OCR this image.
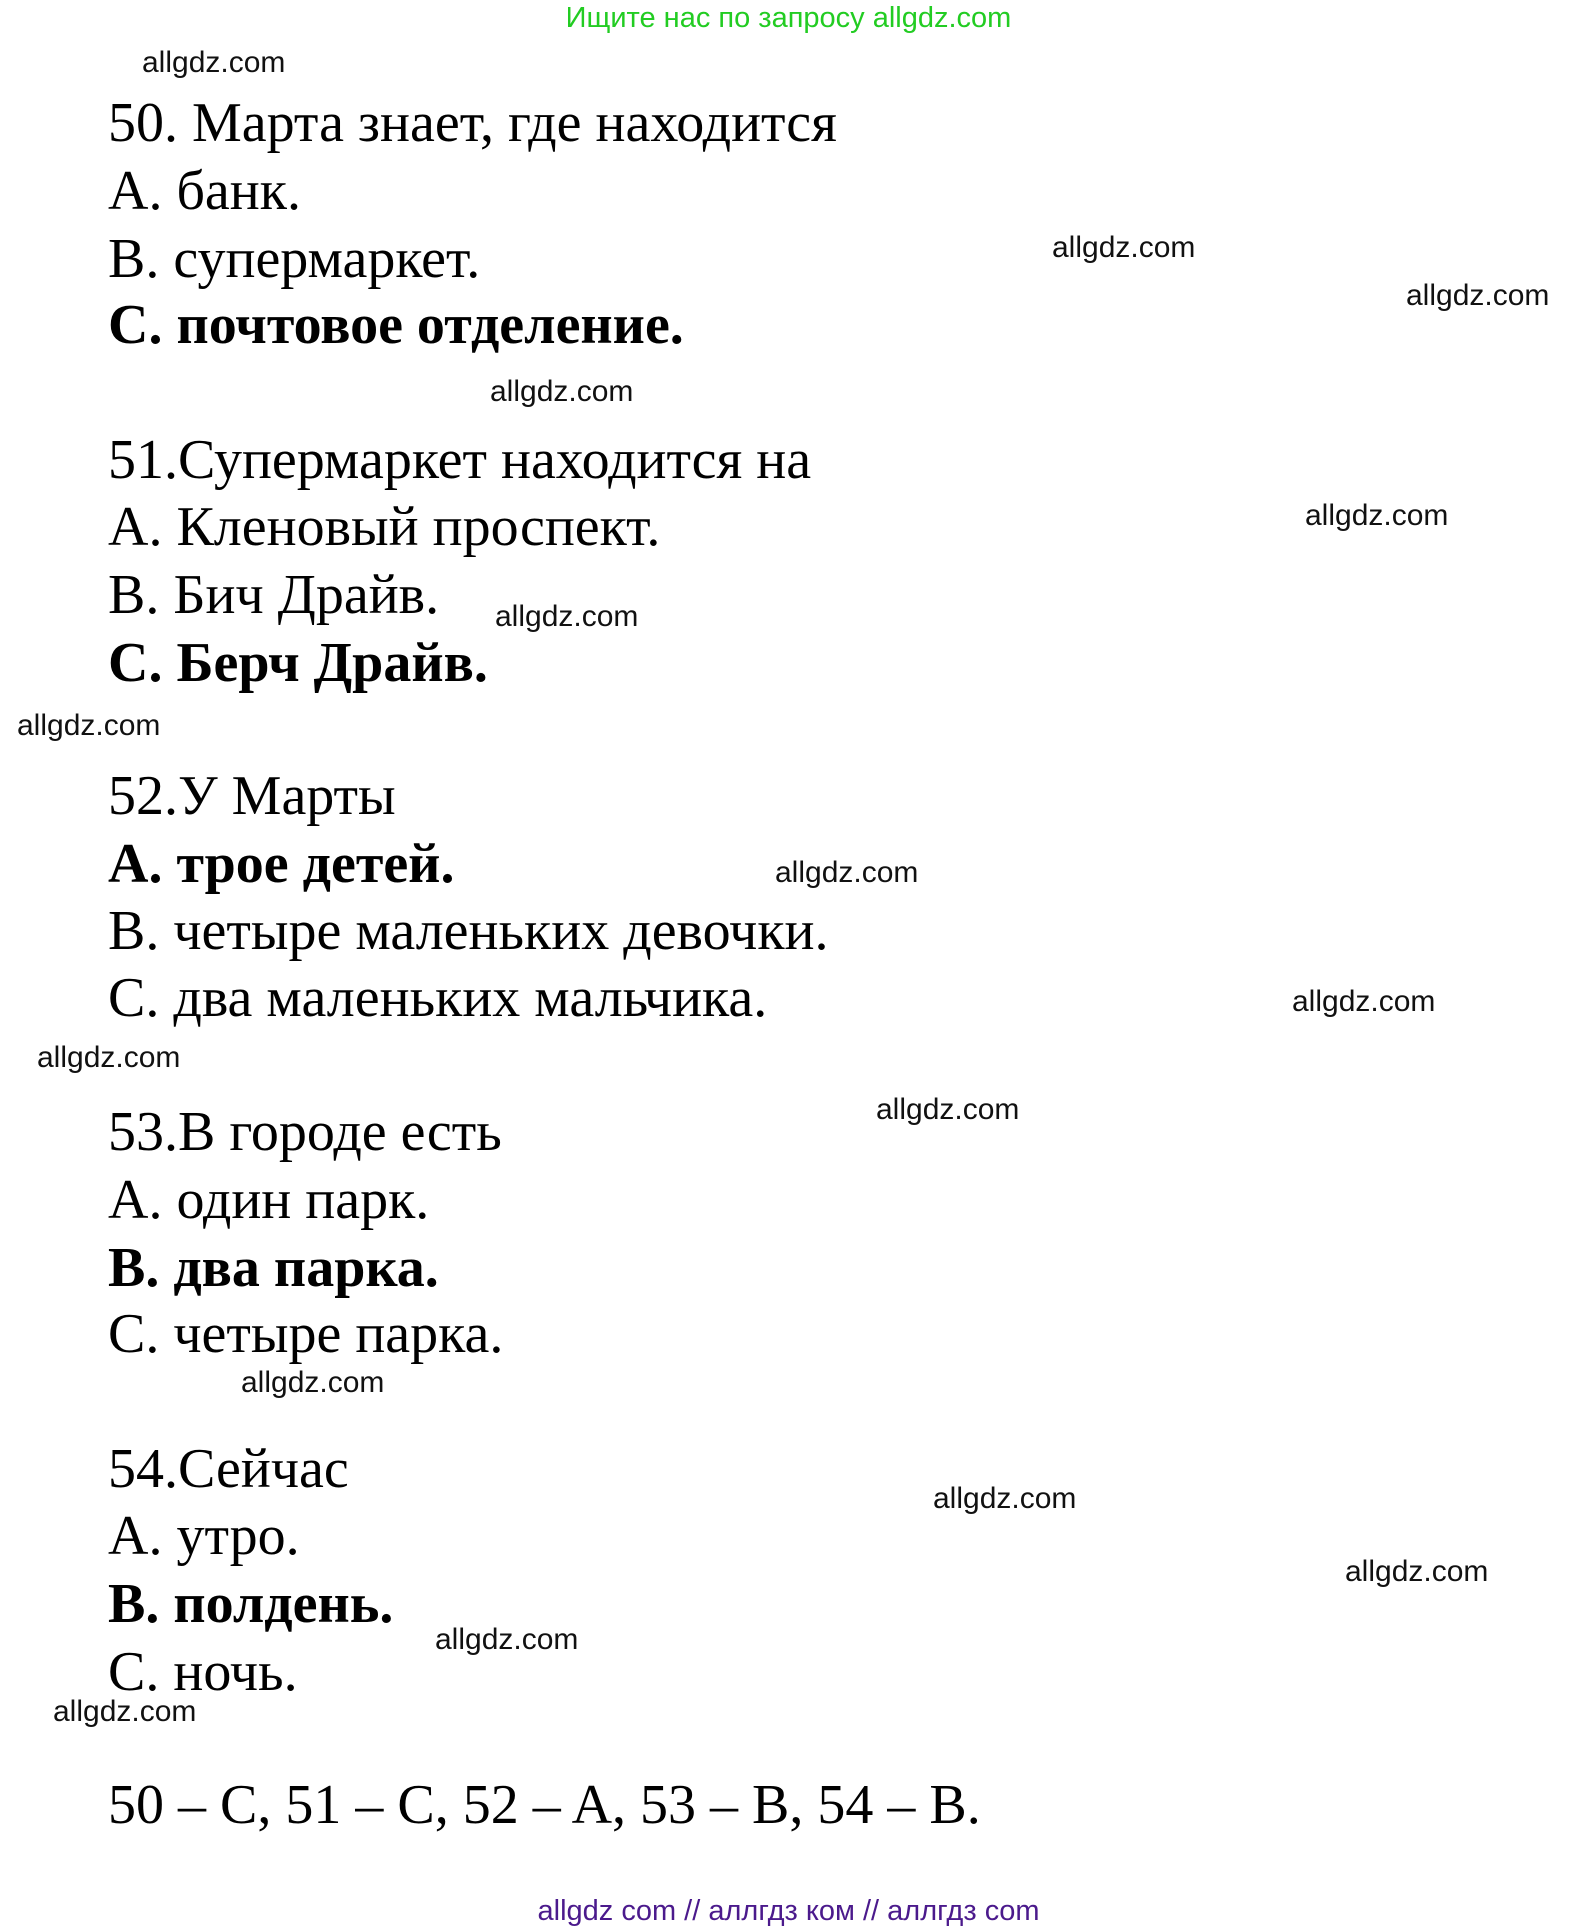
Ищите нас по запросу allgdz.com
50. Марта знает, где находится
A. банк.
B. супермаркет.
C. почтовое отделение.
51.Супермаркет находится на
A. Кленовый проспект.
B. Бич Драйв.
C. Берч Драйв.
52.У Марты
A. трое детей.
B. четыре маленьких девочки.
C. два маленьких мальчика.
53.В городе есть
A. один парк.
B. два парка.
C. четыре парка.
54.Сейчас
A. утро.
B. полдень.
C. ночь.
50 – C, 51 – C, 52 – A, 53 – B, 54 – B.
allgdz.com
allgdz.com
allgdz.com
allgdz.com
allgdz.com
allgdz.com
allgdz.com
allgdz.com
allgdz.com
allgdz.com
allgdz.com
allgdz.com
allgdz.com
allgdz.com
allgdz.com
allgdz.com
allgdz com // аллгдз ком // аллгдз com
